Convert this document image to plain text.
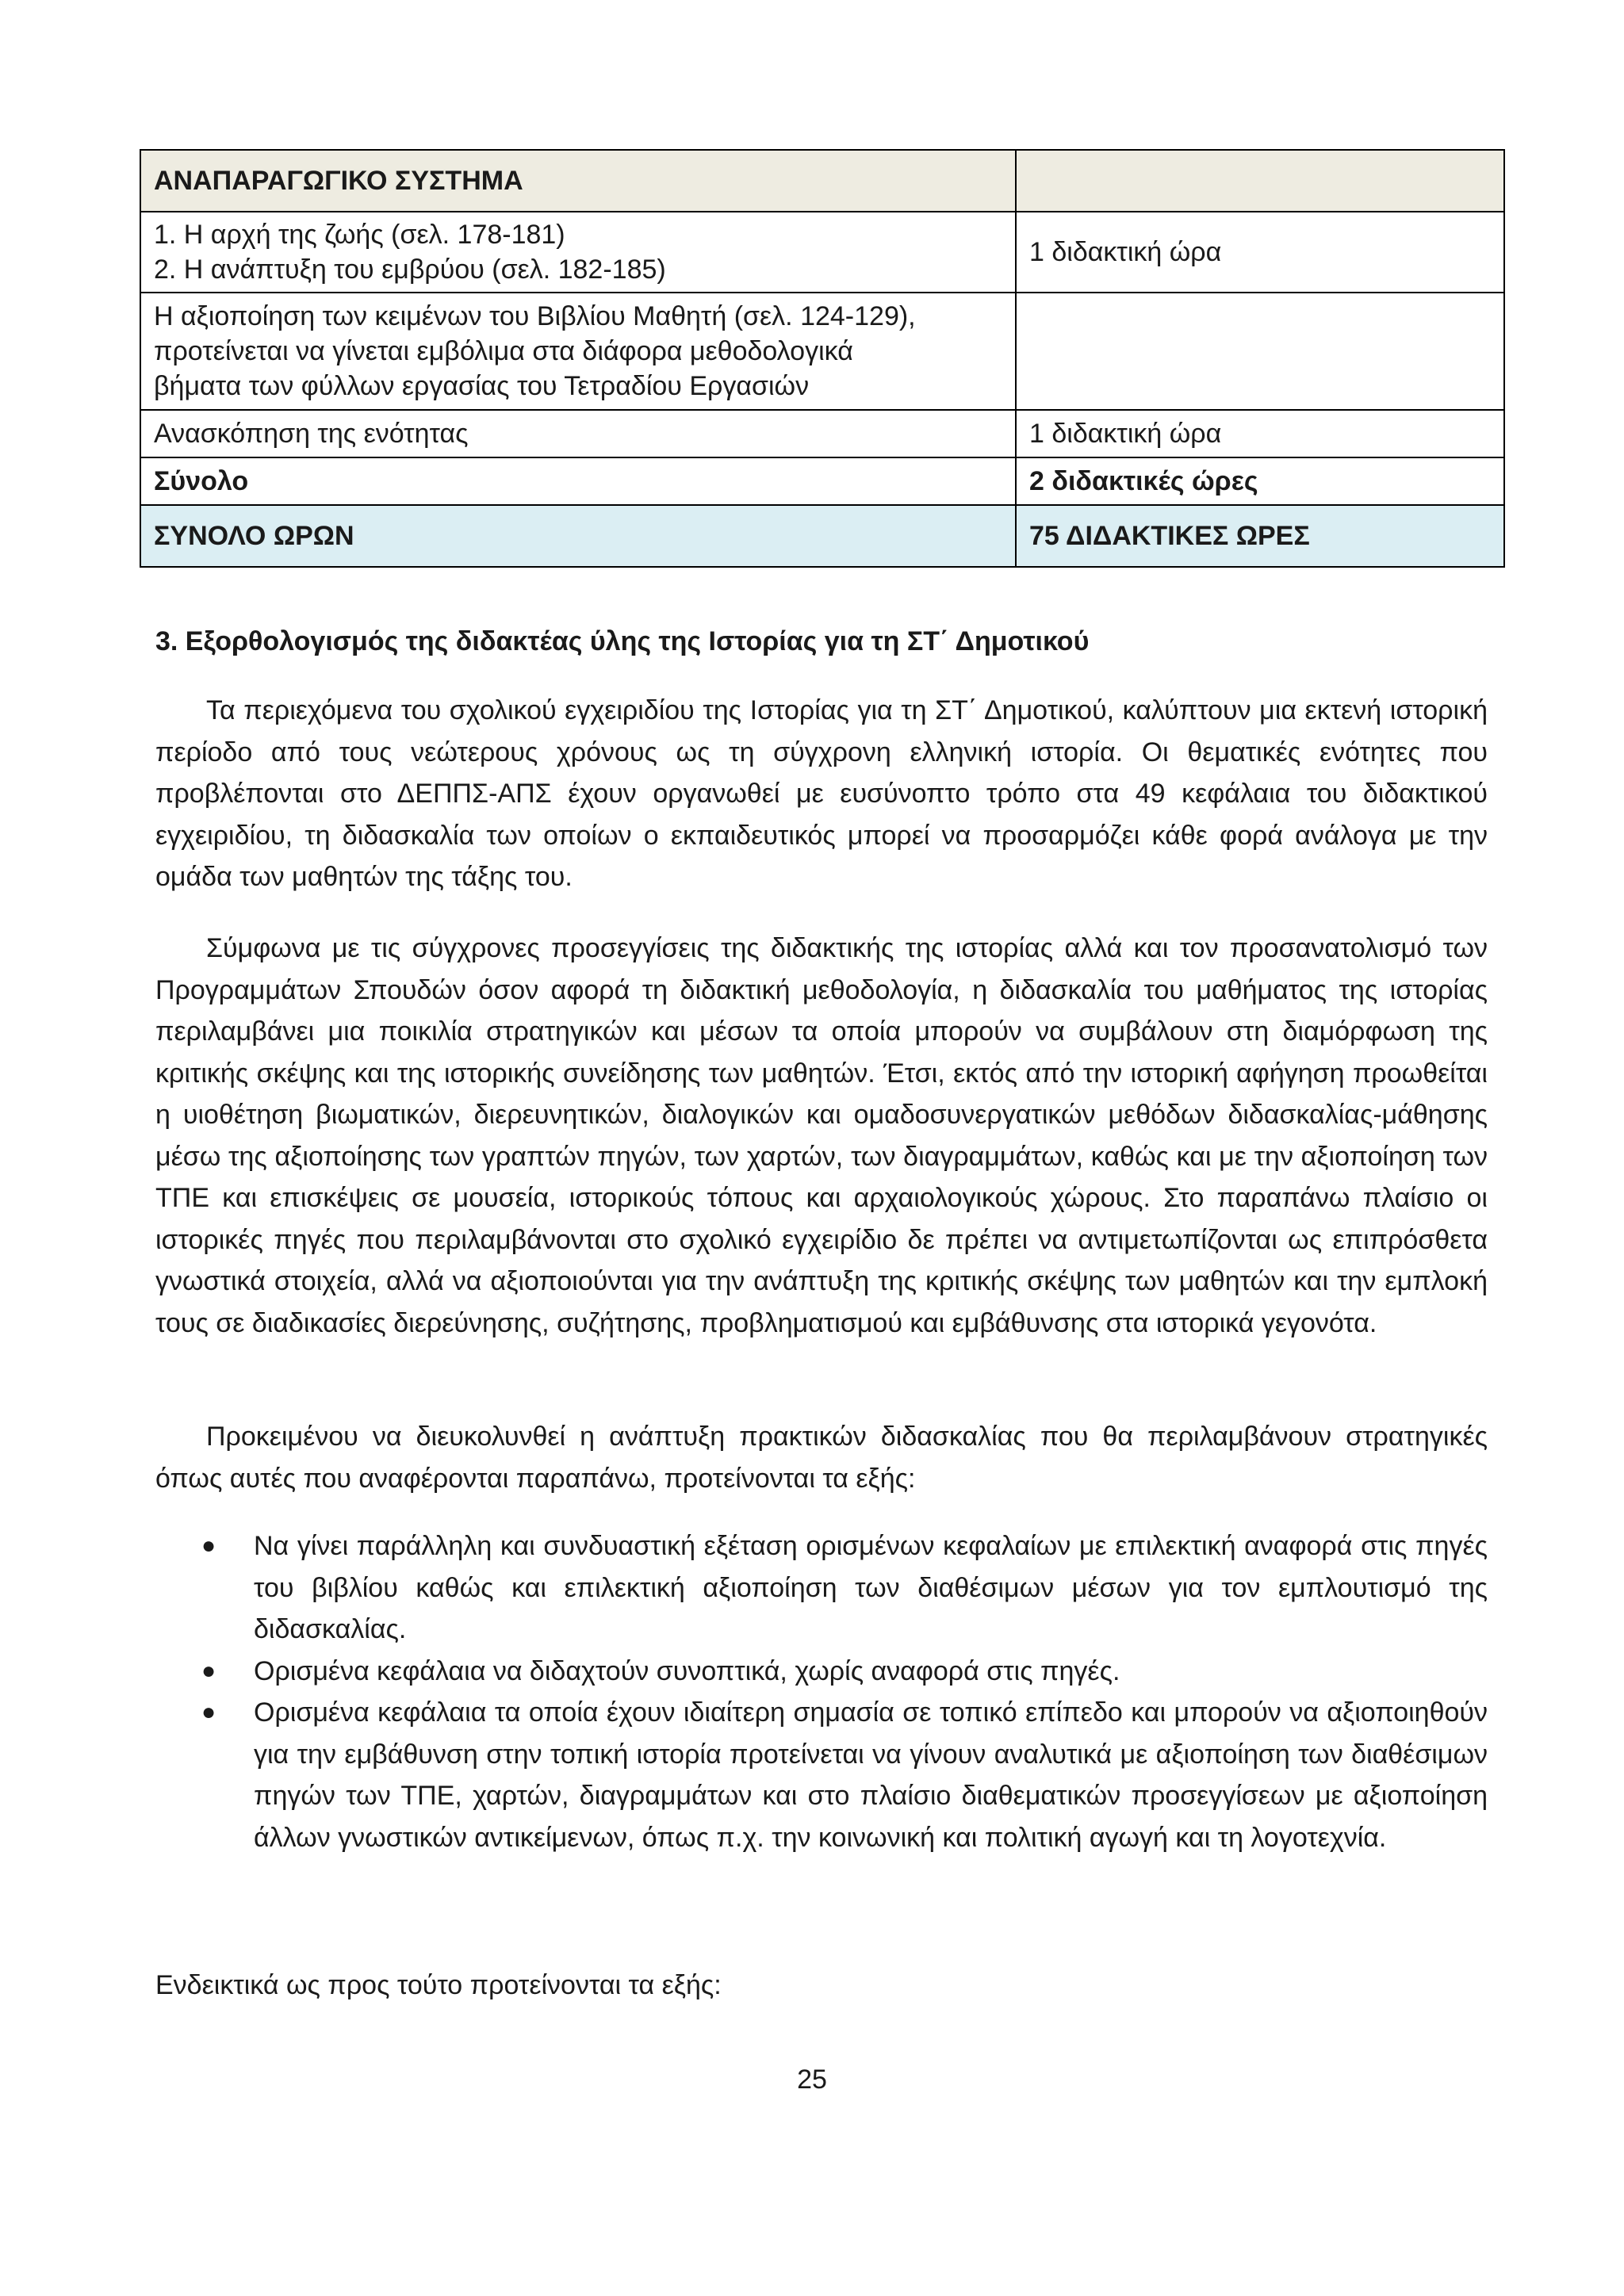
ΑΝΑΠΑΡΑΓΩΓΙΚΟ ΣΥΣΤΗΜΑ	

1. Η αρχή της ζωής (σελ. 178-181)
2. Η ανάπτυξη του εμβρύου (σελ. 182-185)	1 διδακτική ώρα

Η αξιοποίηση των κειμένων του Βιβλίου Μαθητή (σελ. 124-129),
προτείνεται να γίνεται εμβόλιμα στα διάφορα μεθοδολογικά
βήματα των φύλλων εργασίας του Τετραδίου Εργασιών	

Ανασκόπηση της ενότητας	1 διδακτική ώρα

Σύνολο	2 διδακτικές ώρες

ΣΥΝΟΛΟ ΩΡΩΝ	75 ΔΙΔΑΚΤΙΚΕΣ ΩΡΕΣ
3. Εξορθολογισμός της διδακτέας ύλης της Ιστορίας για τη ΣΤ΄ Δημοτικού

Τα περιεχόμενα του σχολικού εγχειριδίου της Ιστορίας για τη ΣΤ΄ Δημοτικού, καλύπτουν μια εκτενή ιστορική περίοδο από τους νεώτερους χρόνους ως τη σύγχρονη ελληνική ιστορία. Οι θεματικές ενότητες που προβλέπονται στο ΔΕΠΠΣ-ΑΠΣ έχουν οργανωθεί με ευσύνοπτο τρόπο στα 49 κεφάλαια του διδακτικού εγχειριδίου, τη διδασκαλία των οποίων ο εκπαιδευτικός μπορεί να προσαρμόζει κάθε φορά ανάλογα με την ομάδα των μαθητών της τάξης του.

Σύμφωνα με τις σύγχρονες προσεγγίσεις της διδακτικής της ιστορίας αλλά και τον προσανατολισμό των Προγραμμάτων Σπουδών όσον αφορά τη διδακτική μεθοδολογία, η διδασκαλία του μαθήματος της ιστορίας περιλαμβάνει μια ποικιλία στρατηγικών και μέσων τα οποία μπορούν να συμβάλουν στη διαμόρφωση της κριτικής σκέψης και της ιστορικής συνείδησης των μαθητών. Έτσι, εκτός από την ιστορική αφήγηση προωθείται η υιοθέτηση βιωματικών, διερευνητικών, διαλογικών και ομαδοσυνεργατικών μεθόδων διδασκαλίας-μάθησης μέσω της αξιοποίησης των γραπτών πηγών, των χαρτών, των διαγραμμάτων, καθώς και με την αξιοποίηση των ΤΠΕ και επισκέψεις σε μουσεία, ιστορικούς τόπους και αρχαιολογικούς χώρους. Στο παραπάνω πλαίσιο οι ιστορικές πηγές που περιλαμβάνονται στο σχολικό εγχειρίδιο δε πρέπει να αντιμετωπίζονται ως επιπρόσθετα γνωστικά στοιχεία, αλλά να αξιοποιούνται για την ανάπτυξη της κριτικής σκέψης των μαθητών και την εμπλοκή τους σε διαδικασίες διερεύνησης, συζήτησης, προβληματισμού και εμβάθυνσης στα ιστορικά γεγονότα.

Προκειμένου να διευκολυνθεί η ανάπτυξη πρακτικών διδασκαλίας που θα περιλαμβάνουν στρατηγικές όπως αυτές που αναφέρονται παραπάνω, προτείνονται τα εξής:

● Να γίνει παράλληλη και συνδυαστική εξέταση ορισμένων κεφαλαίων με επιλεκτική αναφορά στις πηγές του βιβλίου καθώς και επιλεκτική αξιοποίηση των διαθέσιμων μέσων για τον εμπλουτισμό της διδασκαλίας.
● Ορισμένα κεφάλαια να διδαχτούν συνοπτικά, χωρίς αναφορά στις πηγές.
● Ορισμένα κεφάλαια τα οποία έχουν ιδιαίτερη σημασία σε τοπικό επίπεδο και μπορούν να αξιοποιηθούν για την εμβάθυνση στην τοπική ιστορία προτείνεται να γίνουν αναλυτικά με αξιοποίηση των διαθέσιμων πηγών των ΤΠΕ, χαρτών, διαγραμμάτων και στο πλαίσιο διαθεματικών προσεγγίσεων με αξιοποίηση άλλων γνωστικών αντικείμενων, όπως π.χ. την κοινωνική και πολιτική αγωγή και τη λογοτεχνία.

Ενδεικτικά ως προς τούτο προτείνονται τα εξής:

25
